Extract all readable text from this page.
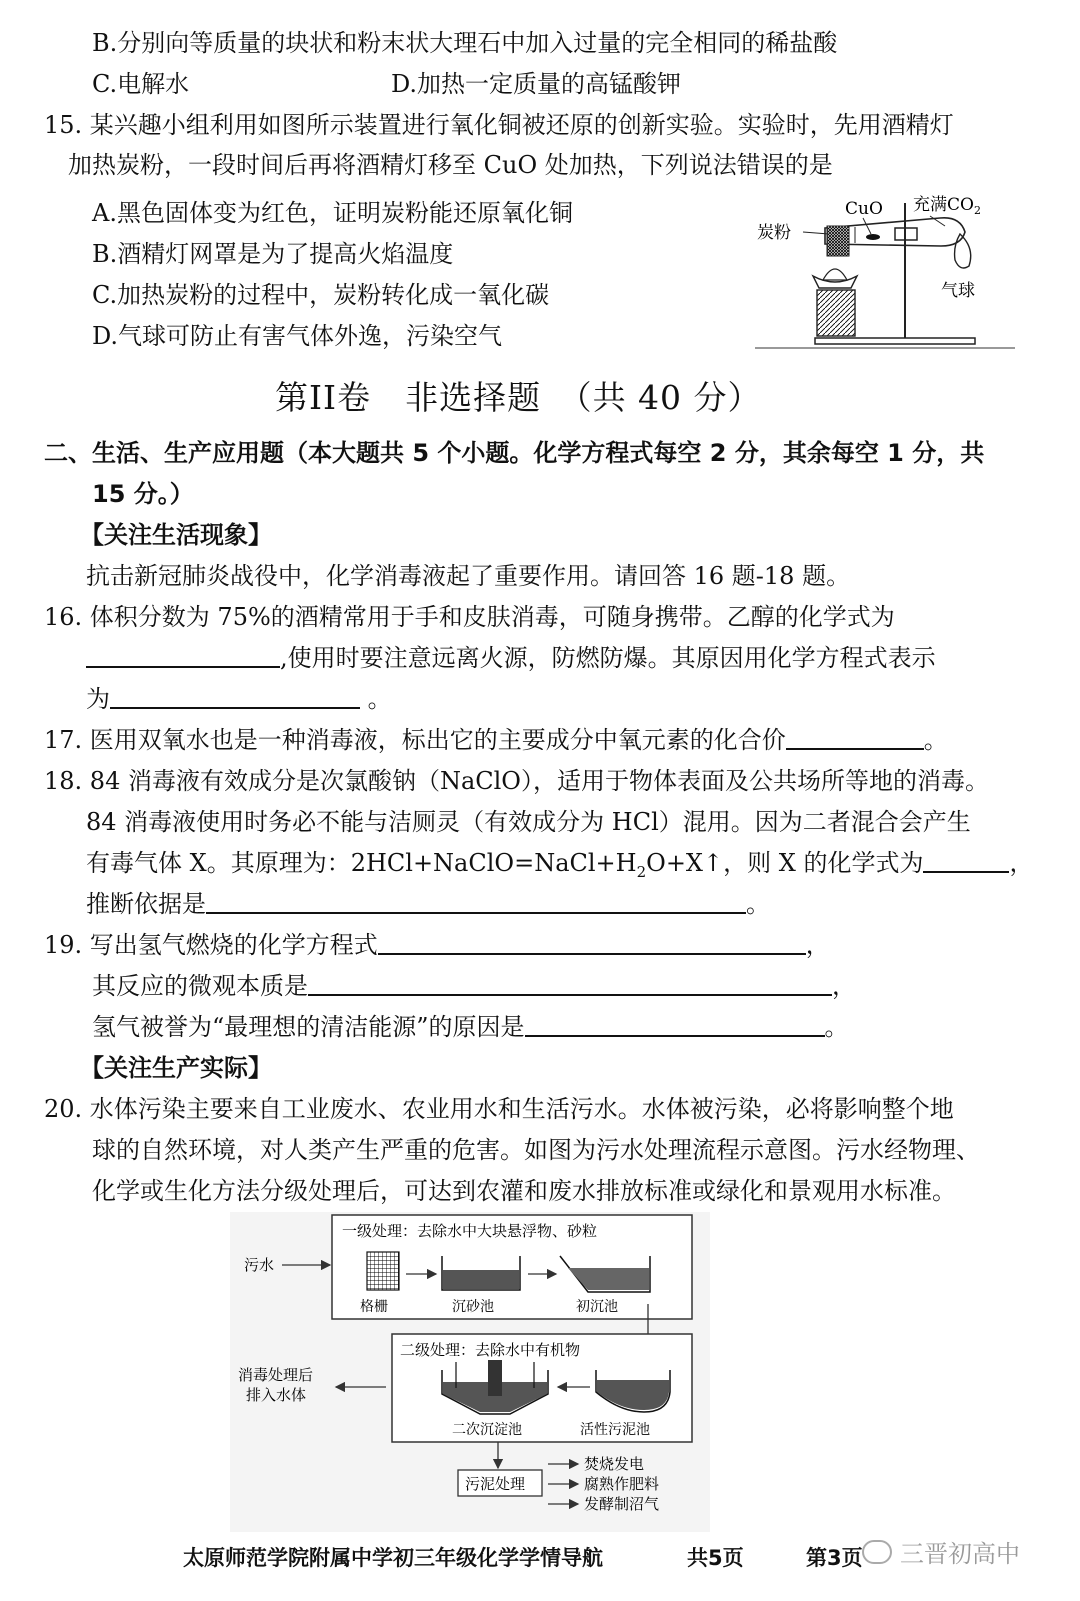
B.分别向等质量的块状和粉末状大理石中加入过量的完全相同的稀盐酸
C.电解水	D.加热一定质量的高锰酸钾
15. 某兴趣小组利用如图所示装置进行氧化铜被还原的创新实验。实验时，先用酒精灯
加热炭粉，一段时间后再将酒精灯移至 CuO 处加热，下列说法错误的是
A.黑色固体变为红色，证明炭粉能还原氧化铜
B.酒精灯网罩是为了提高火焰温度
C.加热炭粉的过程中，炭粉转化成一氧化碳
D.气球可防止有害气体外逸，污染空气
CuO 充满$CO_2$
炭粉
气球
第II卷　非选择题　（共 40 分）
二、生活、生产应用题（本大题共 5 个小题。化学方程式每空 2 分，其余每空 1 分，共
15 分。）
【关注生活现象】
抗击新冠肺炎战役中，化学消毒液起了重要作用。请回答 16 题-18 题。
16. 体积分数为 75%的酒精常用于手和皮肤消毒，可随身携带。乙醇的化学式为
,使用时要注意远离火源，防燃防爆。其原因用化学方程式表示
为	。
17. 医用双氧水也是一种消毒液，标出它的主要成分中氧元素的化合价	。
18. 84 消毒液有效成分是次氯酸钠（NaClO），适用于物体表面及公共场所等地的消毒。
84 消毒液使用时务必不能与洁厕灵（有效成分为 HCl）混用。因为二者混合会产生
有毒气体 X。其原理为：$2HCl+NaClO=NaCl+H_2O+X↑$，则 X 的化学式为	，
推断依据是	。
19. 写出氢气燃烧的化学方程式	，
其反应的微观本质是	，
氢气被誉为“最理想的清洁能源”的原因是	。
【关注生产实际】
20. 水体污染主要来自工业废水、农业用水和生活污水。水体被污染，必将影响整个地
球的自然环境，对人类产生严重的危害。如图为污水处理流程示意图。污水经物理、
化学或生化方法分级处理后，可达到农灌和废水排放标准或绿化和景观用水标准。
一级处理：去除水中大块悬浮物、砂粒
污水
格栅	沉砂池	初沉池
二级处理：去除水中有机物
活性污泥池
二次沉淀池
消毒处理后
排入水体
污泥处理
焚烧发电
腐熟作肥料
发酵制沼气
太原师范学院附属中学初三年级化学学情导航	共5页	第3页 三晋初高中
